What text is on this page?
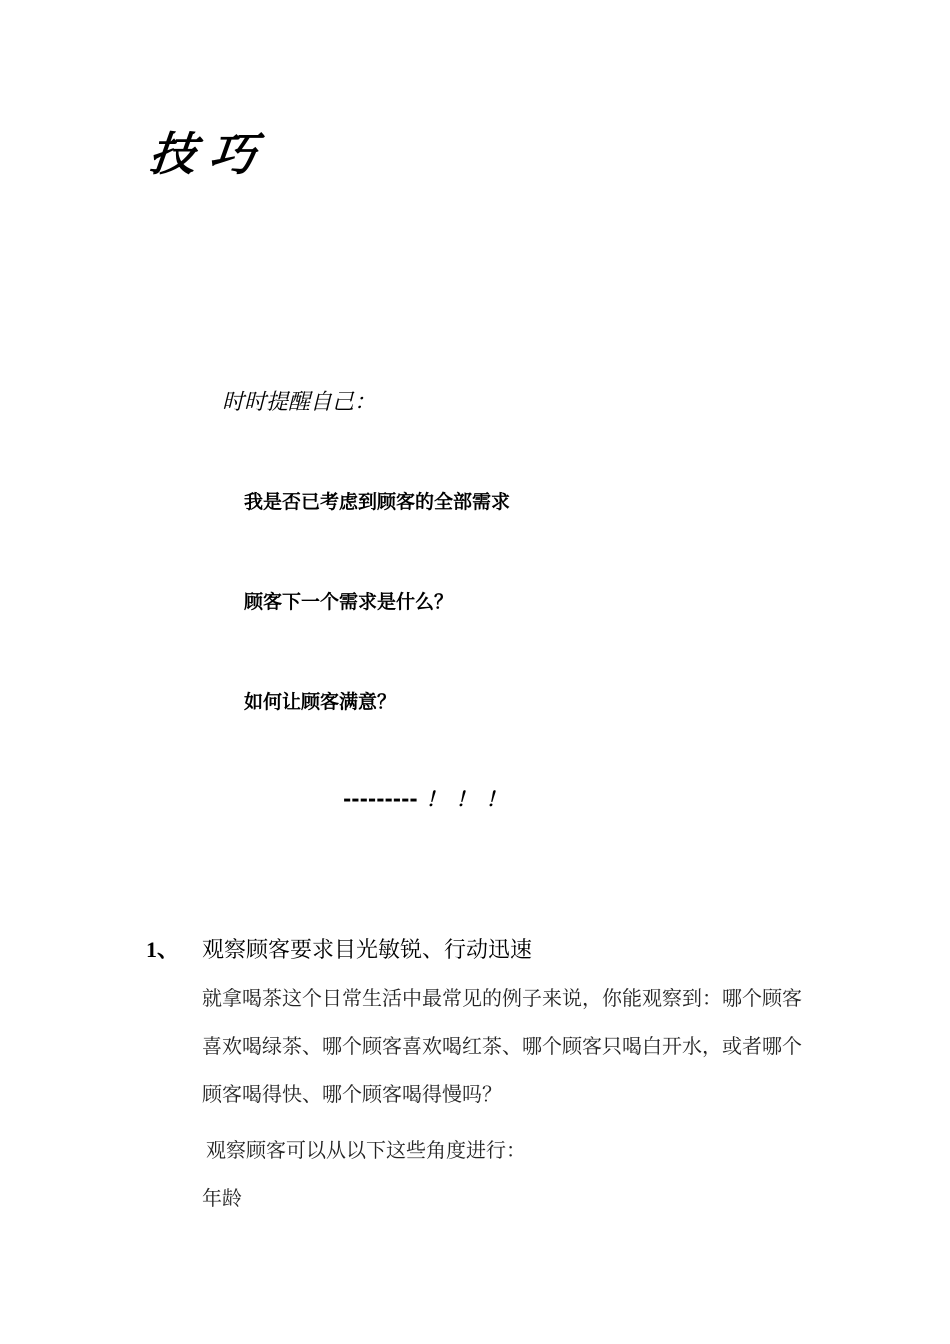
技巧
时时提醒自己：
我是否已考虑到顾客的全部需求
顾客下一个需求是什么？
如何让顾客满意？
--------- ！！！
1、 观察顾客要求目光敏锐、行动迅速
就拿喝茶这个日常生活中最常见的例子来说，你能观察到：哪个顾客喜欢喝绿茶、哪个顾客喜欢喝红茶、哪个顾客只喝白开水，或者哪个顾客喝得快、哪个顾客喝得慢吗？
观察顾客可以从以下这些角度进行：
年龄
